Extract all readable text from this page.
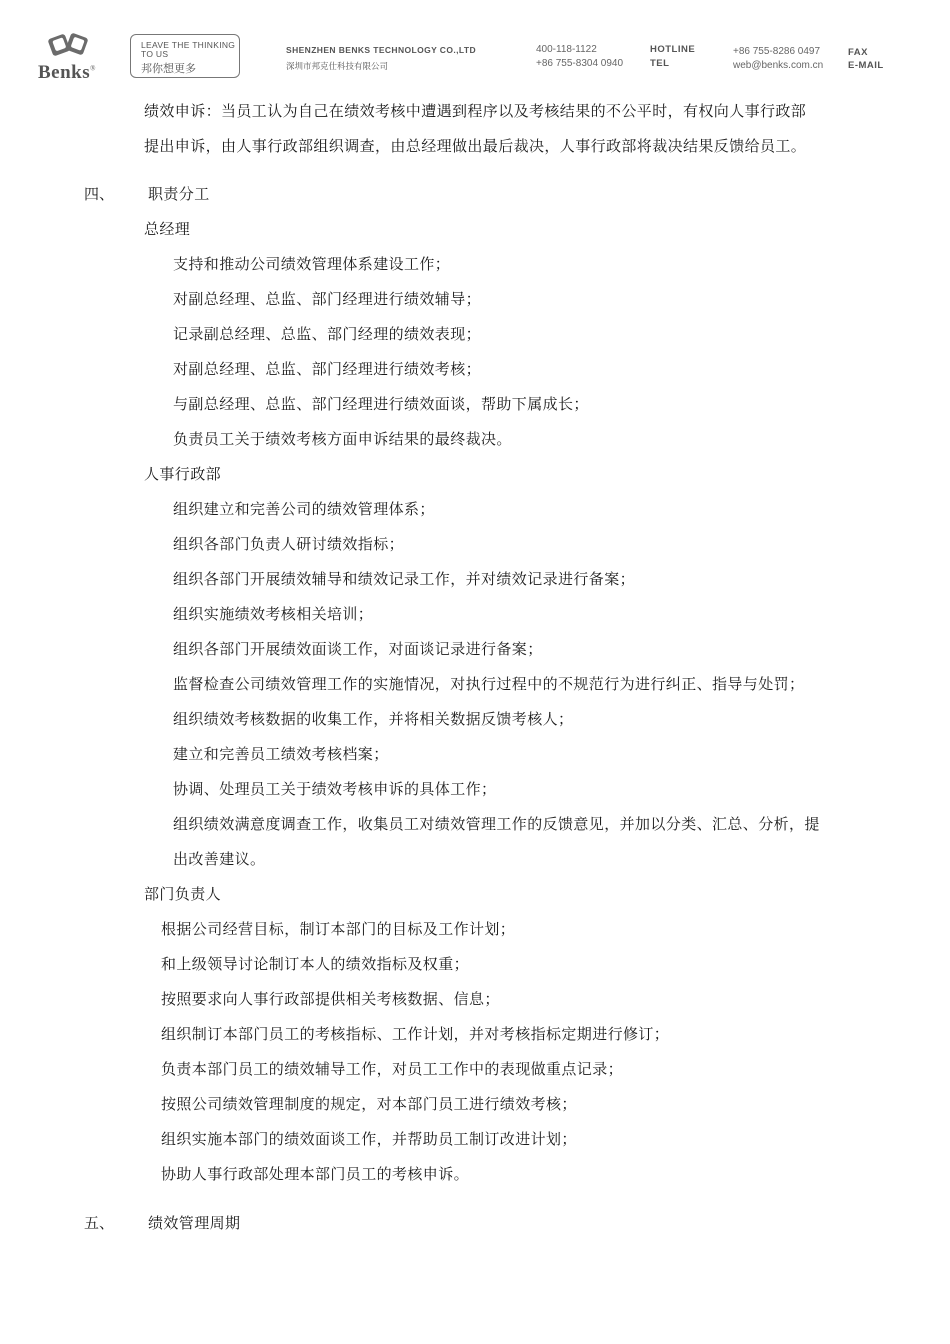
Benks®
LEAVE THE THINKING TO US
邦你想更多
SHENZHEN BENKS TECHNOLOGY CO.,LTD
深圳市邦克仕科技有限公司
400-118-1122	HOTLINE
+86 755-8304 0940	TEL
+86 755-8286 0497	FAX
web@benks.com.cn	E-MAIL
绩效申诉：当员工认为自己在绩效考核中遭遇到程序以及考核结果的不公平时，有权向人事行政部
提出申诉，由人事行政部组织调查，由总经理做出最后裁决，人事行政部将裁决结果反馈给员工。
四、 职责分工
总经理
支持和推动公司绩效管理体系建设工作；
对副总经理、总监、部门经理进行绩效辅导；
记录副总经理、总监、部门经理的绩效表现；
对副总经理、总监、部门经理进行绩效考核；
与副总经理、总监、部门经理进行绩效面谈，帮助下属成长；
负责员工关于绩效考核方面申诉结果的最终裁决。
人事行政部
组织建立和完善公司的绩效管理体系；
组织各部门负责人研讨绩效指标；
组织各部门开展绩效辅导和绩效记录工作，并对绩效记录进行备案；
组织实施绩效考核相关培训；
组织各部门开展绩效面谈工作，对面谈记录进行备案；
监督检查公司绩效管理工作的实施情况，对执行过程中的不规范行为进行纠正、指导与处罚；
组织绩效考核数据的收集工作，并将相关数据反馈考核人；
建立和完善员工绩效考核档案；
协调、处理员工关于绩效考核申诉的具体工作；
组织绩效满意度调查工作，收集员工对绩效管理工作的反馈意见，并加以分类、汇总、分析，提
出改善建议。
部门负责人
根据公司经营目标，制订本部门的目标及工作计划；
和上级领导讨论制订本人的绩效指标及权重；
按照要求向人事行政部提供相关考核数据、信息；
组织制订本部门员工的考核指标、工作计划，并对考核指标定期进行修订；
负责本部门员工的绩效辅导工作，对员工工作中的表现做重点记录；
按照公司绩效管理制度的规定，对本部门员工进行绩效考核；
组织实施本部门的绩效面谈工作，并帮助员工制订改进计划；
协助人事行政部处理本部门员工的考核申诉。
五、 绩效管理周期
